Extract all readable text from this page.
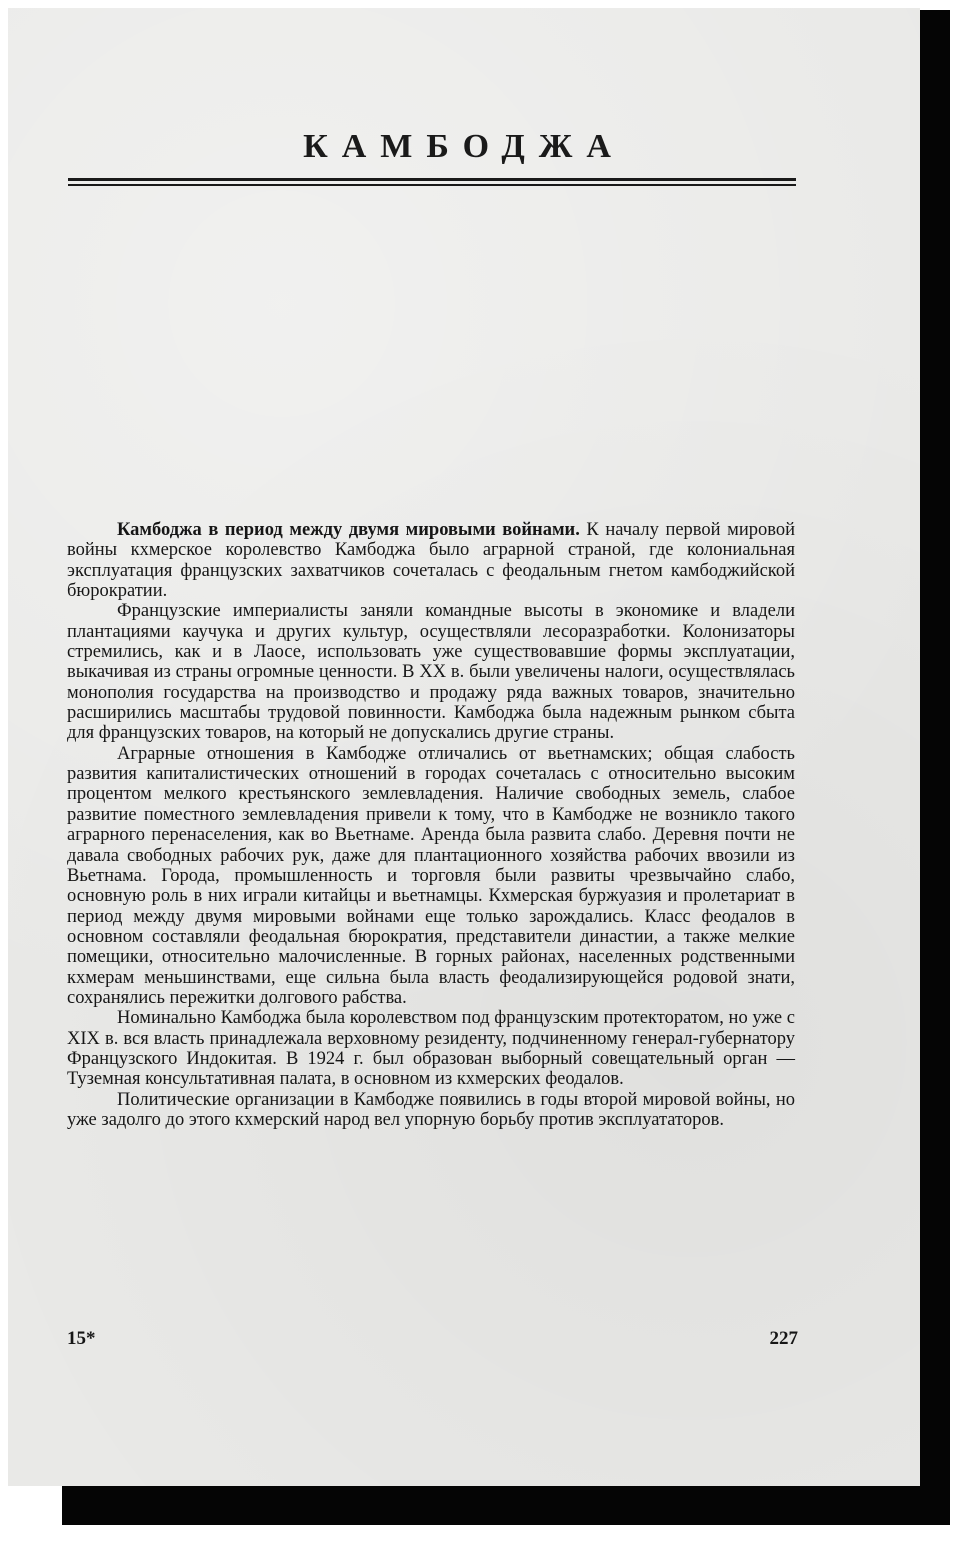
КАМБОДЖА

Камбоджа в период между двумя мировыми войнами. К началу первой мировой войны кхмерское королевство Камбоджа было аграрной страной, где колониальная эксплуатация французских захватчиков сочеталась с феодальным гнетом камбоджийской бюрократии.

Французские империалисты заняли командные высоты в экономике и владели плантациями каучука и других культур, осуществляли лесоразработки. Колонизаторы стремились, как и в Лаосе, использовать уже существовавшие формы эксплуатации, выкачивая из страны огромные ценности. В XX в. были увеличены налоги, осуществлялась монополия государства на производство и продажу ряда важных товаров, значительно расширились масштабы трудовой повинности. Камбоджа была надежным рынком сбыта для французских товаров, на который не допускались другие страны.

Аграрные отношения в Камбодже отличались от вьетнамских; общая слабость развития капиталистических отношений в городах сочеталась с относительно высоким процентом мелкого крестьянского землевладения. Наличие свободных земель, слабое развитие поместного землевладения привели к тому, что в Камбодже не возникло такого аграрного перенаселения, как во Вьетнаме. Аренда была развита слабо. Деревня почти не давала свободных рабочих рук, даже для плантационного хозяйства рабочих ввозили из Вьетнама. Города, промышленность и торговля были развиты чрезвычайно слабо, основную роль в них играли китайцы и вьетнамцы. Кхмерская буржуазия и пролетариат в период между двумя мировыми войнами еще только зарождались. Класс феодалов в основном составляли феодальная бюрократия, представители династии, а также мелкие помещики, относительно малочисленные. В горных районах, населенных родственными кхмерам меньшинствами, еще сильна была власть феодализирующейся родовой знати, сохранялись пережитки долгового рабства.

Номинально Камбоджа была королевством под французским протекторатом, но уже с XIX в. вся власть принадлежала верховному резиденту, подчиненному генерал-губернатору Французского Индокитая. В 1924 г. был образован выборный совещательный орган — Туземная консультативная палата, в основном из кхмерских феодалов.

Политические организации в Камбодже появились в годы второй мировой войны, но уже задолго до этого кхмерский народ вел упорную борьбу против эксплуататоров.

15*	227
